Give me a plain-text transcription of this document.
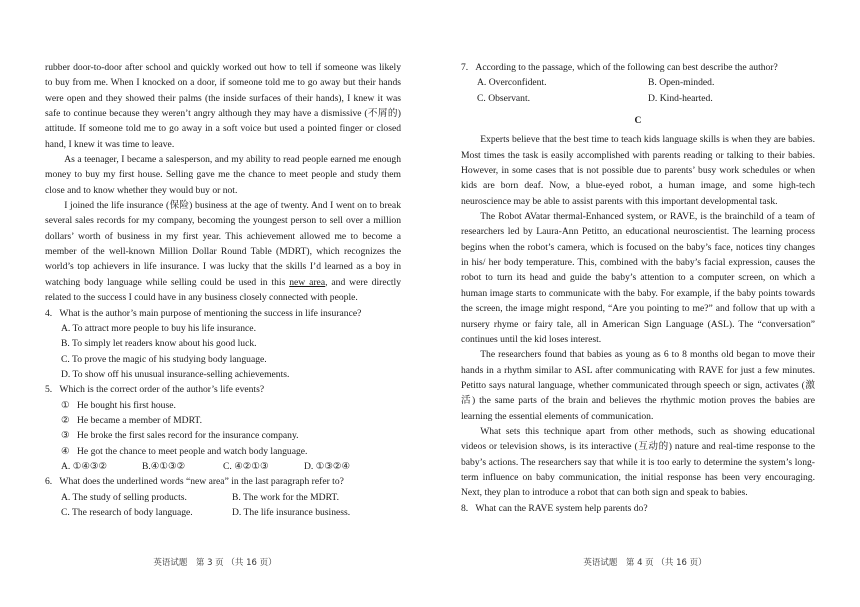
rubber door-to-door after school and quickly worked out how to tell if someone was likely to buy from me. When I knocked on a door, if someone told me to go away but their hands were open and they showed their palms (the inside surfaces of their hands), I knew it was safe to continue because they weren’t angry although they may have a dismissive (不屑的) attitude. If someone told me to go away in a soft voice but used a pointed finger or closed hand, I knew it was time to leave.
As a teenager, I became a salesperson, and my ability to read people earned me enough money to buy my first house. Selling gave me the chance to meet people and study them close and to know whether they would buy or not.
I joined the life insurance (保险) business at the age of twenty. And I went on to break several sales records for my company, becoming the youngest person to sell over a million dollars’ worth of business in my first year. This achievement allowed me to become a member of the well-known Million Dollar Round Table (MDRT), which recognizes the world’s top achievers in life insurance. I was lucky that the skills I’d learned as a boy in watching body language while selling could be used in this new area, and were directly related to the success I could have in any business closely connected with people.
4. What is the author’s main purpose of mentioning the success in life insurance?
A. To attract more people to buy his life insurance.
B. To simply let readers know about his good luck.
C. To prove the magic of his studying body language.
D. To show off his unusual insurance-selling achievements.
5. Which is the correct order of the author’s life events?
① He bought his first house.
② He became a member of MDRT.
③ He broke the first sales record for the insurance company.
④ He got the chance to meet people and watch body language.
A. ①④③②	B.④①③②	C. ④②①③	D. ①③②④
6. What does the underlined words “new area” in the last paragraph refer to?
A. The study of selling products.	B. The work for the MDRT.
C. The research of body language.	D. The life insurance business.
7. According to the passage, which of the following can best describe the author?
A. Overconfident.	B. Open-minded.
C. Observant.	D. Kind-hearted.
C
Experts believe that the best time to teach kids language skills is when they are babies. Most times the task is easily accomplished with parents reading or talking to their babies. However, in some cases that is not possible due to parents’ busy work schedules or when kids are born deaf. Now, a blue-eyed robot, a human image, and some high-tech neuroscience may be able to assist parents with this important developmental task.
The Robot AVatar thermal-Enhanced system, or RAVE, is the brainchild of a team of researchers led by Laura-Ann Petitto, an educational neuroscientist. The learning process begins when the robot’s camera, which is focused on the baby’s face, notices tiny changes in his/ her body temperature. This, combined with the baby’s facial expression, causes the robot to turn its head and guide the baby’s attention to a computer screen, on which a human image starts to communicate with the baby. For example, if the baby points towards the screen, the image might respond, “Are you pointing to me?” and follow that up with a nursery rhyme or fairy tale, all in American Sign Language (ASL). The “conversation” continues until the kid loses interest.
The researchers found that babies as young as 6 to 8 months old began to move their hands in a rhythm similar to ASL after communicating with RAVE for just a few minutes. Petitto says natural language, whether communicated through speech or sign, activates (激活) the same parts of the brain and believes the rhythmic motion proves the babies are learning the essential elements of communication.
What sets this technique apart from other methods, such as showing educational videos or television shows, is its interactive (互动的) nature and real-time response to the baby’s actions. The researchers say that while it is too early to determine the system’s long-term influence on baby communication, the initial response has been very encouraging. Next, they plan to introduce a robot that can both sign and speak to babies.
8. What can the RAVE system help parents do?
英语试题　第 3 页 （共 16 页）	英语试题　第 4 页 （共 16 页）
